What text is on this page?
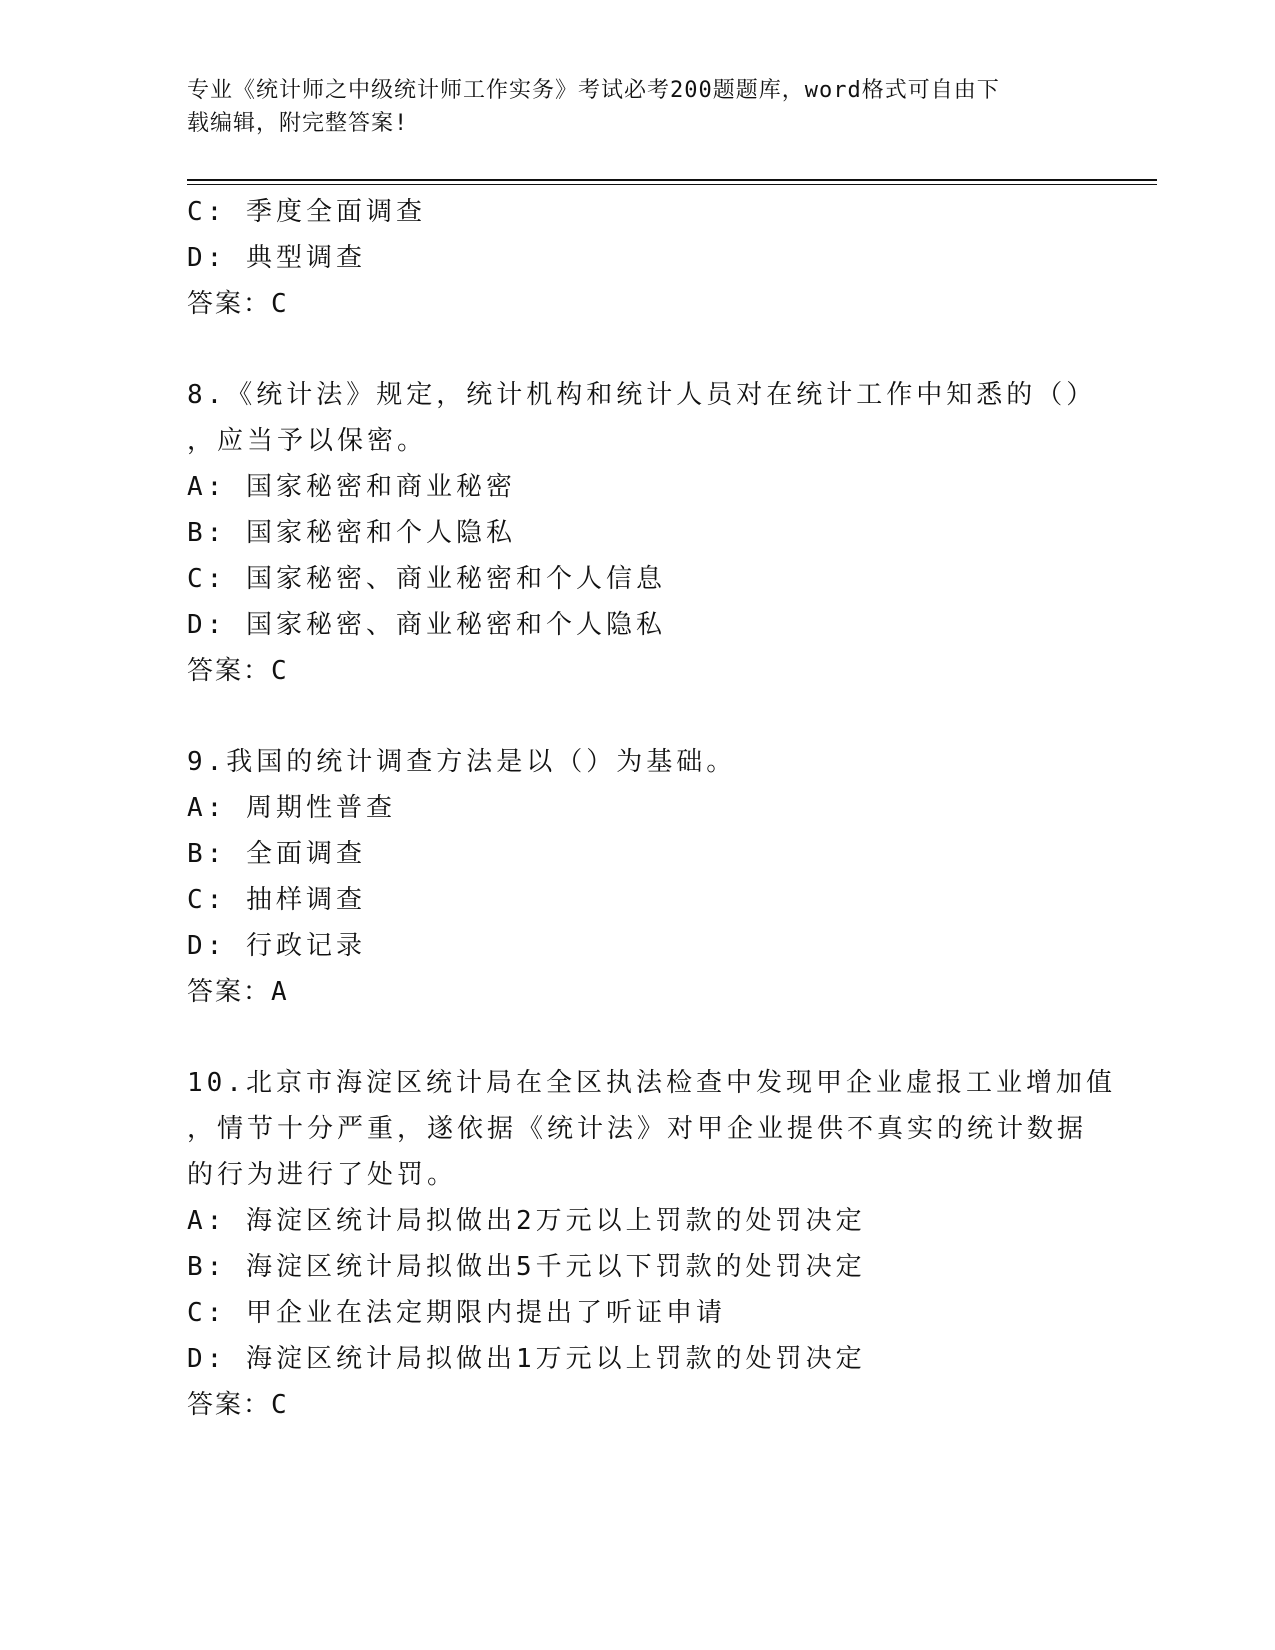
专业《统计师之中级统计师工作实务》考试必考200题题库，word格式可自由下
载编辑，附完整答案!
C: 季度全面调查
D: 典型调查
答案：C
8.《统计法》规定，统计机构和统计人员对在统计工作中知悉的（）
，应当予以保密。
A: 国家秘密和商业秘密
B: 国家秘密和个人隐私
C: 国家秘密、商业秘密和个人信息
D: 国家秘密、商业秘密和个人隐私
答案：C
9.我国的统计调查方法是以（）为基础。
A: 周期性普查
B: 全面调查
C: 抽样调查
D: 行政记录
答案：A
10.北京市海淀区统计局在全区执法检查中发现甲企业虚报工业增加值
，情节十分严重，遂依据《统计法》对甲企业提供不真实的统计数据
的行为进行了处罚。
A: 海淀区统计局拟做出2万元以上罚款的处罚决定
B: 海淀区统计局拟做出5千元以下罚款的处罚决定
C: 甲企业在法定期限内提出了听证申请
D: 海淀区统计局拟做出1万元以上罚款的处罚决定
答案：C
